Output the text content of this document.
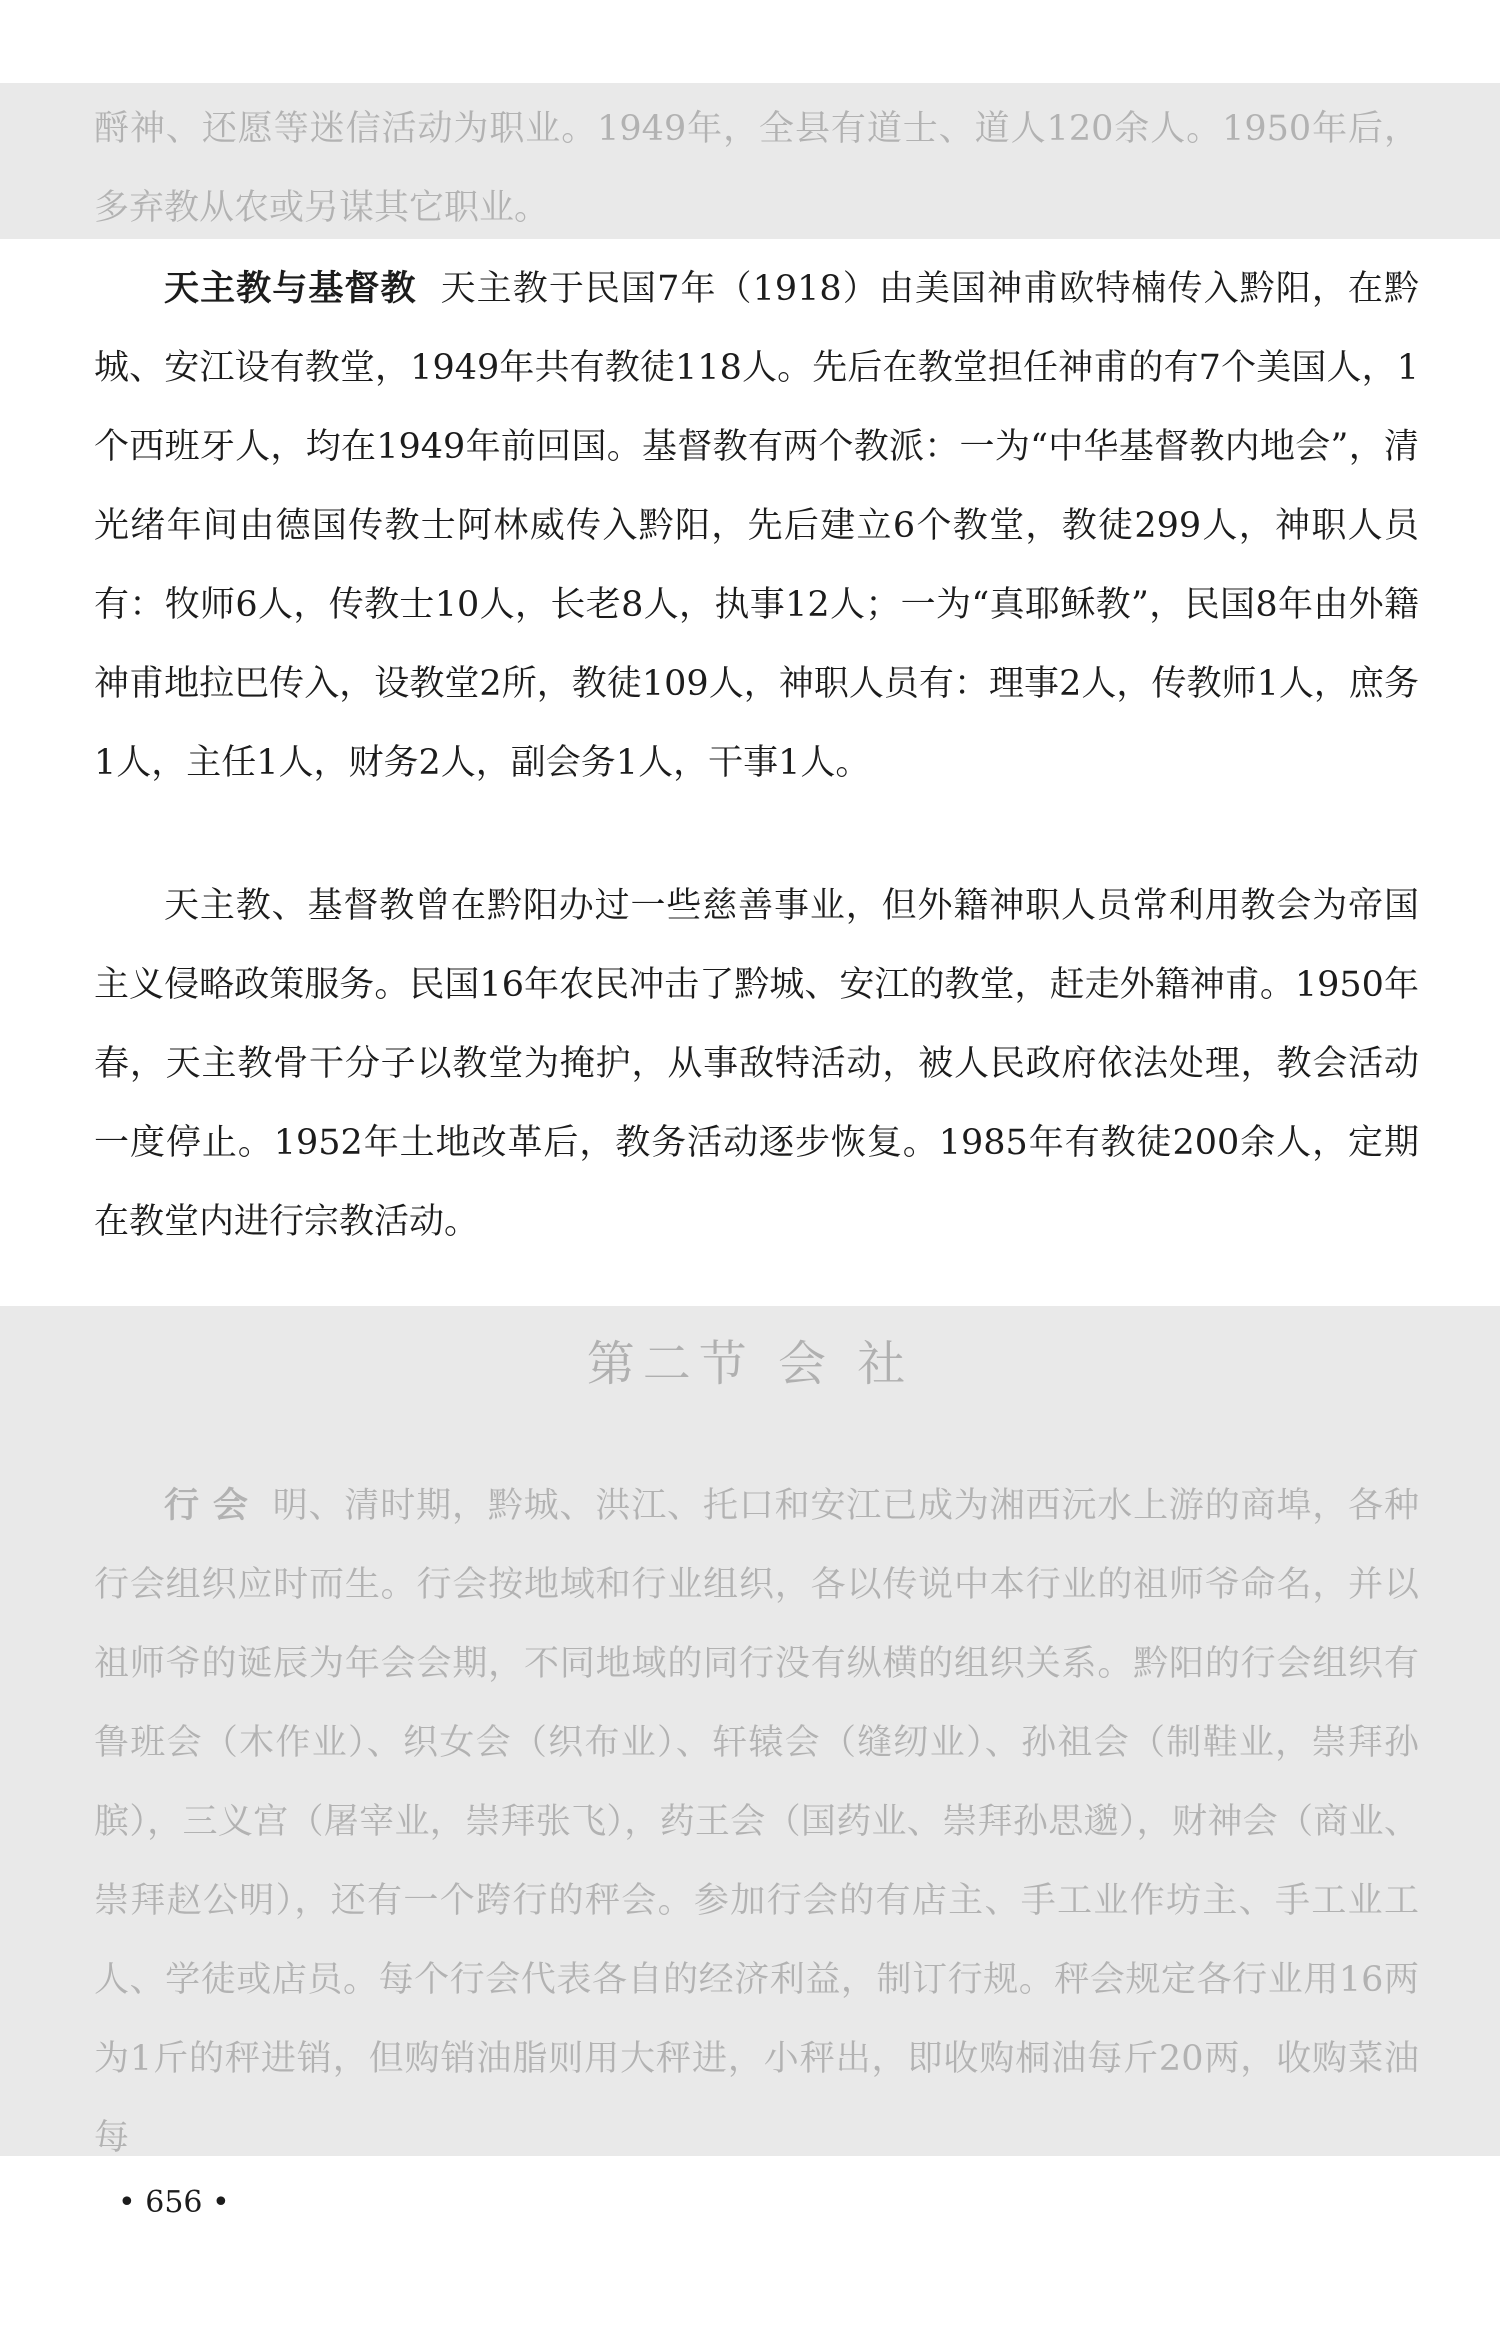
酹神、还愿等迷信活动为职业。1949年，全县有道士、道人120余人。1950年后，多弃教从农或另谋其它职业。

天主教与基督教 天主教于民国7年（1918）由美国神甫欧特楠传入黔阳，在黔城、安江设有教堂，1949年共有教徒118人。先后在教堂担任神甫的有7个美国人，1个西班牙人，均在1949年前回国。基督教有两个教派：一为“中华基督教内地会”，清光绪年间由德国传教士阿林威传入黔阳，先后建立6个教堂，教徒299人，神职人员有：牧师6人，传教士10人，长老8人，执事12人；一为“真耶稣教”，民国8年由外籍神甫地拉巴传入，设教堂2所，教徒109人，神职人员有：理事2人，传教师1人，庶务1人，主任1人，财务2人，副会务1人，干事1人。

天主教、基督教曾在黔阳办过一些慈善事业，但外籍神职人员常利用教会为帝国主义侵略政策服务。民国16年农民冲击了黔城、安江的教堂，赶走外籍神甫。1950年春，天主教骨干分子以教堂为掩护，从事敌特活动，被人民政府依法处理，教会活动一度停止。1952年土地改革后，教务活动逐步恢复。1985年有教徒200余人，定期在教堂内进行宗教活动。

第二节 会 社

行 会 明、清时期，黔城、洪江、托口和安江已成为湘西沅水上游的商埠，各种行会组织应时而生。行会按地域和行业组织，各以传说中本行业的祖师爷命名，并以祖师爷的诞辰为年会会期，不同地域的同行没有纵横的组织关系。黔阳的行会组织有鲁班会（木作业）、织女会（织布业）、轩辕会（缝纫业）、孙祖会（制鞋业，崇拜孙膑），三义宫（屠宰业，崇拜张飞），药王会（国药业、崇拜孙思邈），财神会（商业、崇拜赵公明），还有一个跨行的秤会。参加行会的有店主、手工业作坊主、手工业工人、学徒或店员。每个行会代表各自的经济利益，制订行规。秤会规定各行业用16两为1斤的秤进销，但购销油脂则用大秤进，小秤出，即收购桐油每斤20两，收购菜油每

• 656 •
